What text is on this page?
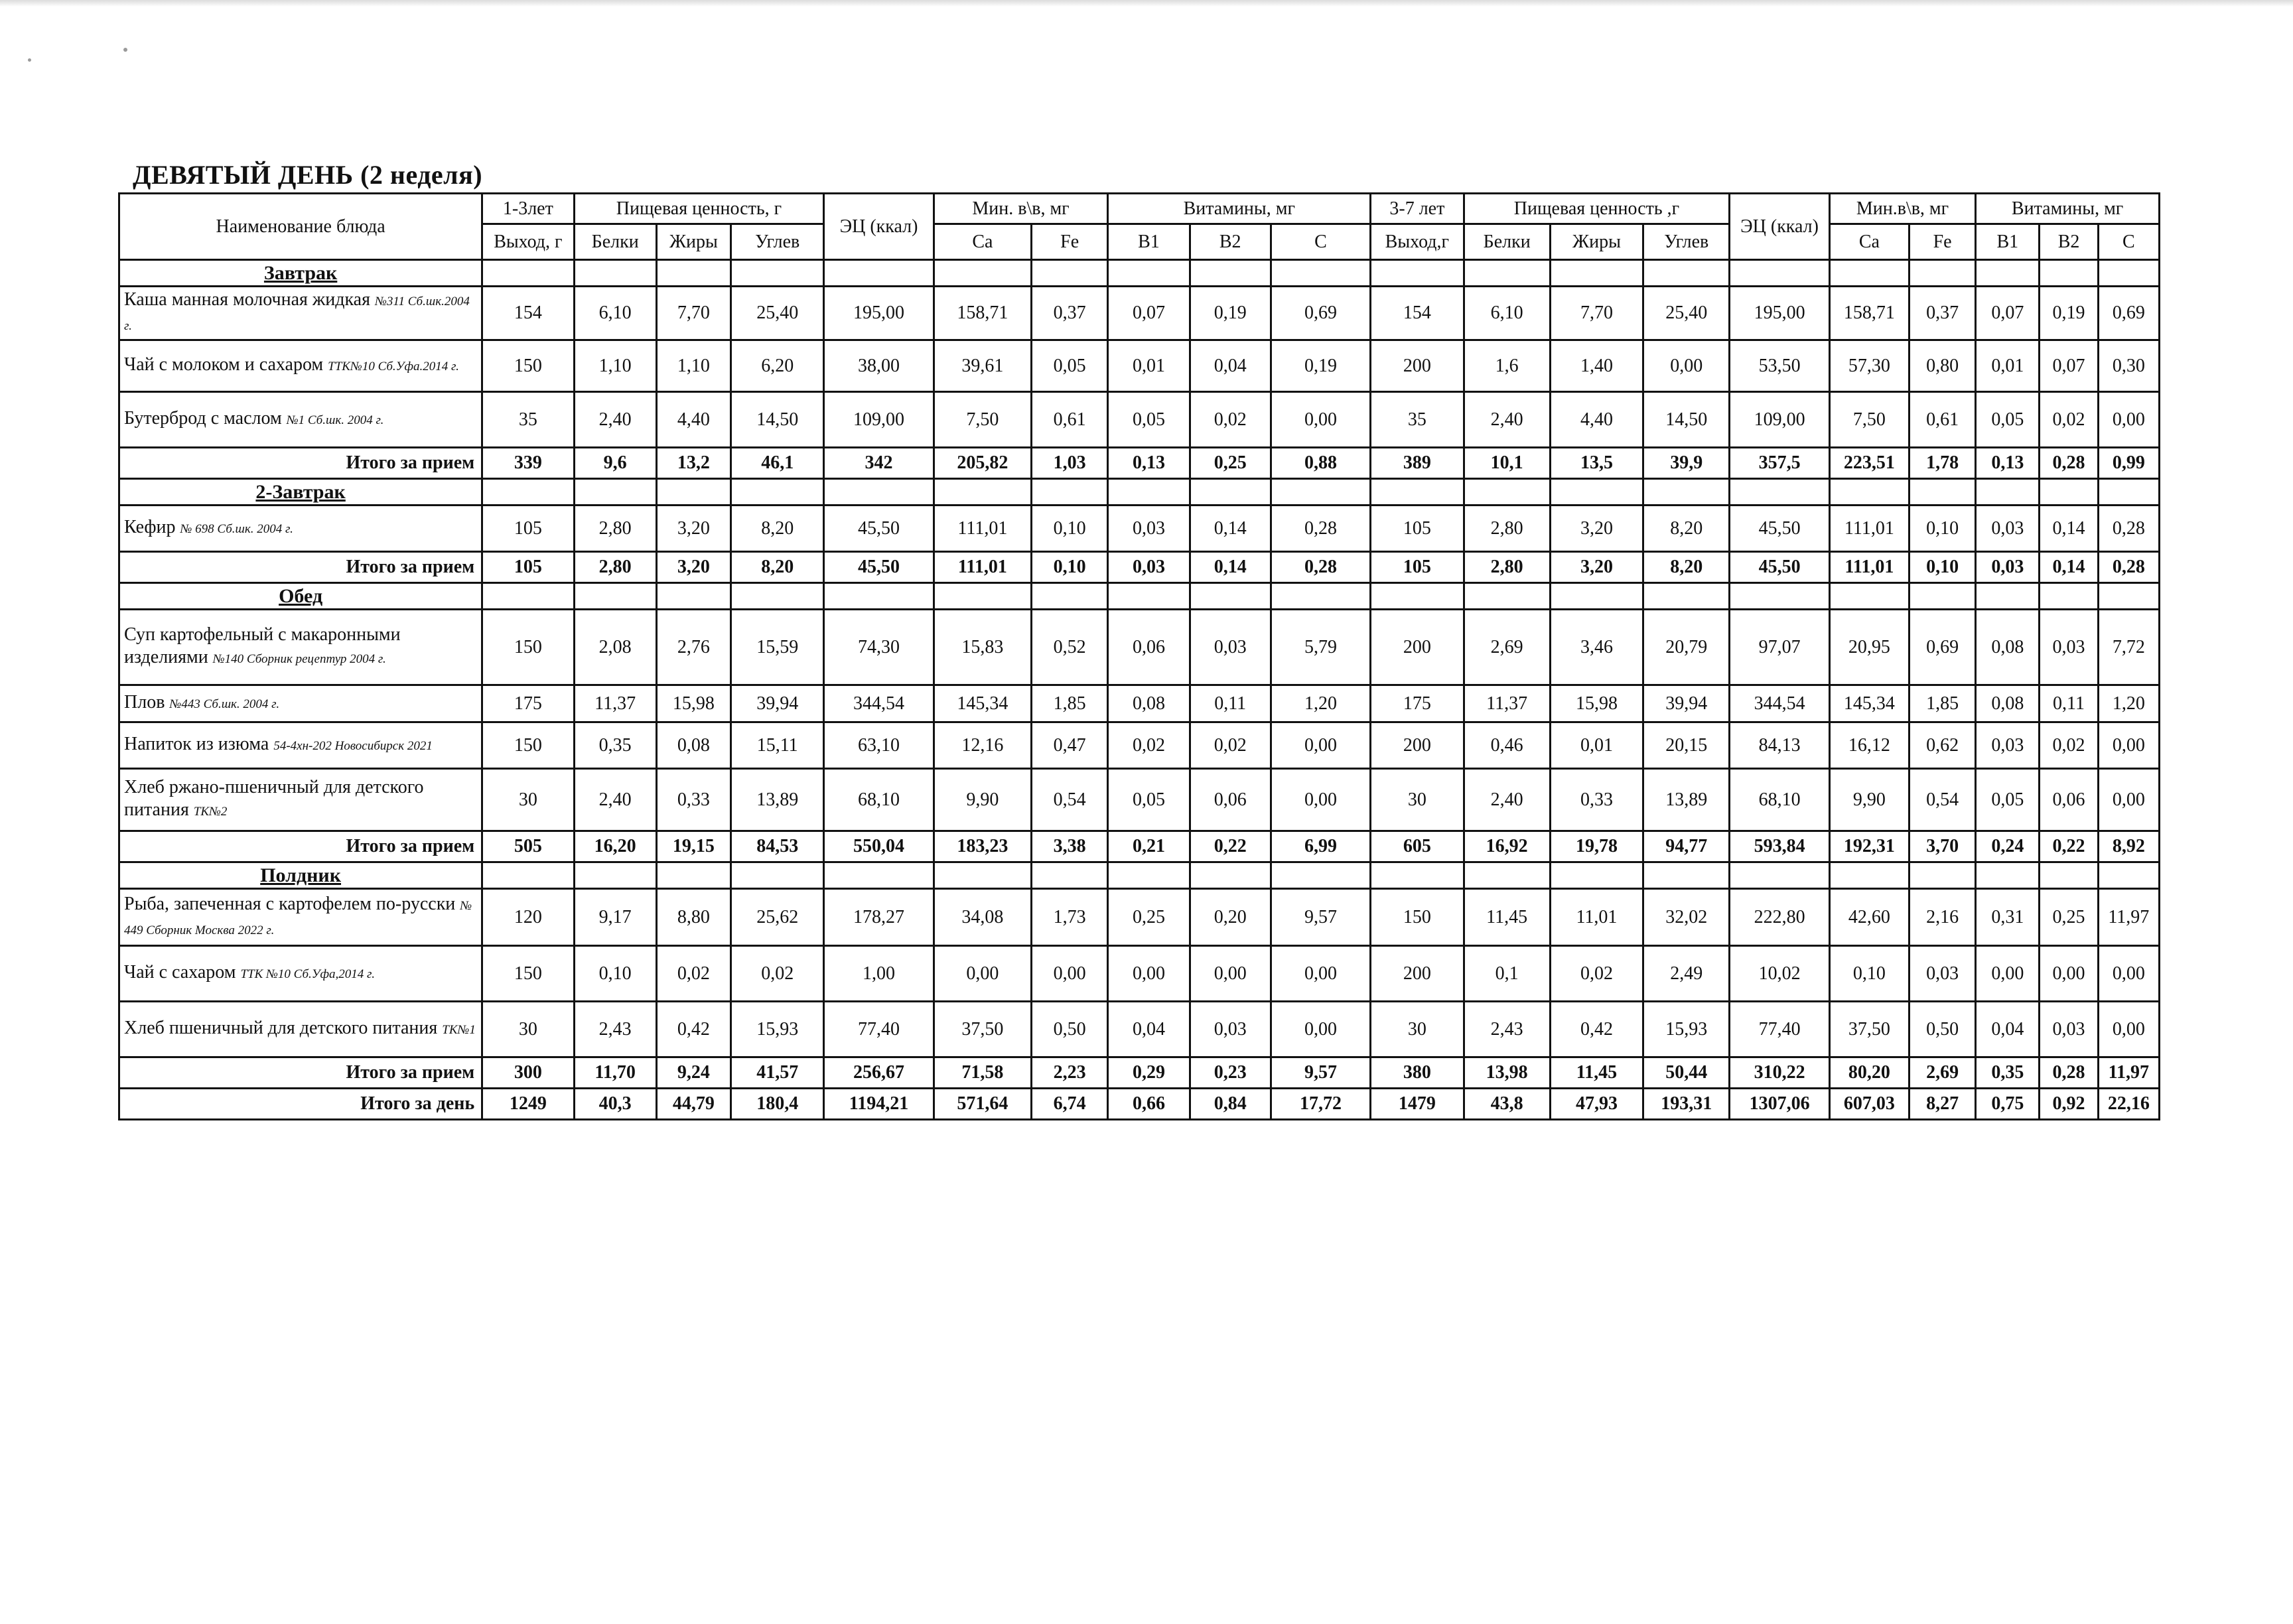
ДЕВЯТЫЙ ДЕНЬ (2 неделя)
Наименование блюда	1-3лет	Пищевая ценность, г			ЭЦ (ккал)	Мин. в\в, мг		Витамины, мг			3-7 лет	Пищевая ценность ,г			ЭЦ (ккал)	Мин.в\в, мг		Витамины, мг		
	Выход, г	Белки	Жиры	Углев		Ca	Fe	B1	B2	C	Выход,г	Белки	Жиры	Углев		Ca	Fe	B1	B2	C
Завтрак																				
Каша манная молочная жидкая №311 Сб.шк.2004 г.	154	6,10	7,70	25,40	195,00	158,71	0,37	0,07	0,19	0,69	154	6,10	7,70	25,40	195,00	158,71	0,37	0,07	0,19	0,69
Чай с молоком и сахаром ТТК№10 Сб.Уфа.2014 г.	150	1,10	1,10	6,20	38,00	39,61	0,05	0,01	0,04	0,19	200	1,6	1,40	0,00	53,50	57,30	0,80	0,01	0,07	0,30
Бутерброд с маслом №1 Сб.шк. 2004 г.	35	2,40	4,40	14,50	109,00	7,50	0,61	0,05	0,02	0,00	35	2,40	4,40	14,50	109,00	7,50	0,61	0,05	0,02	0,00
Итого за прием	339	9,6	13,2	46,1	342	205,82	1,03	0,13	0,25	0,88	389	10,1	13,5	39,9	357,5	223,51	1,78	0,13	0,28	0,99
2-Завтрак																				
Кефир № 698 Сб.шк. 2004 г.	105	2,80	3,20	8,20	45,50	111,01	0,10	0,03	0,14	0,28	105	2,80	3,20	8,20	45,50	111,01	0,10	0,03	0,14	0,28
Итого за прием	105	2,80	3,20	8,20	45,50	111,01	0,10	0,03	0,14	0,28	105	2,80	3,20	8,20	45,50	111,01	0,10	0,03	0,14	0,28
Обед																				
Суп картофельный с макаронными изделиями №140 Сборник рецептур 2004 г.	150	2,08	2,76	15,59	74,30	15,83	0,52	0,06	0,03	5,79	200	2,69	3,46	20,79	97,07	20,95	0,69	0,08	0,03	7,72
Плов №443 Сб.шк. 2004 г.	175	11,37	15,98	39,94	344,54	145,34	1,85	0,08	0,11	1,20	175	11,37	15,98	39,94	344,54	145,34	1,85	0,08	0,11	1,20
Напиток из изюма 54-4хн-202 Новосибирск 2021	150	0,35	0,08	15,11	63,10	12,16	0,47	0,02	0,02	0,00	200	0,46	0,01	20,15	84,13	16,12	0,62	0,03	0,02	0,00
Хлеб ржано-пшеничный для детского питания ТК№2	30	2,40	0,33	13,89	68,10	9,90	0,54	0,05	0,06	0,00	30	2,40	0,33	13,89	68,10	9,90	0,54	0,05	0,06	0,00
Итого за прием	505	16,20	19,15	84,53	550,04	183,23	3,38	0,21	0,22	6,99	605	16,92	19,78	94,77	593,84	192,31	3,70	0,24	0,22	8,92
Полдник																				
Рыба, запеченная с картофелем по-русски № 449 Сборник Москва 2022 г.	120	9,17	8,80	25,62	178,27	34,08	1,73	0,25	0,20	9,57	150	11,45	11,01	32,02	222,80	42,60	2,16	0,31	0,25	11,97
Чай с сахаром ТТК №10 Сб.Уфа,2014 г.	150	0,10	0,02	0,02	1,00	0,00	0,00	0,00	0,00	0,00	200	0,1	0,02	2,49	10,02	0,10	0,03	0,00	0,00	0,00
Хлеб пшеничный для детского питания ТК№1	30	2,43	0,42	15,93	77,40	37,50	0,50	0,04	0,03	0,00	30	2,43	0,42	15,93	77,40	37,50	0,50	0,04	0,03	0,00
Итого за прием	300	11,70	9,24	41,57	256,67	71,58	2,23	0,29	0,23	9,57	380	13,98	11,45	50,44	310,22	80,20	2,69	0,35	0,28	11,97
Итого за день	1249	40,3	44,79	180,4	1194,21	571,64	6,74	0,66	0,84	17,72	1479	43,8	47,93	193,31	1307,06	607,03	8,27	0,75	0,92	22,16
